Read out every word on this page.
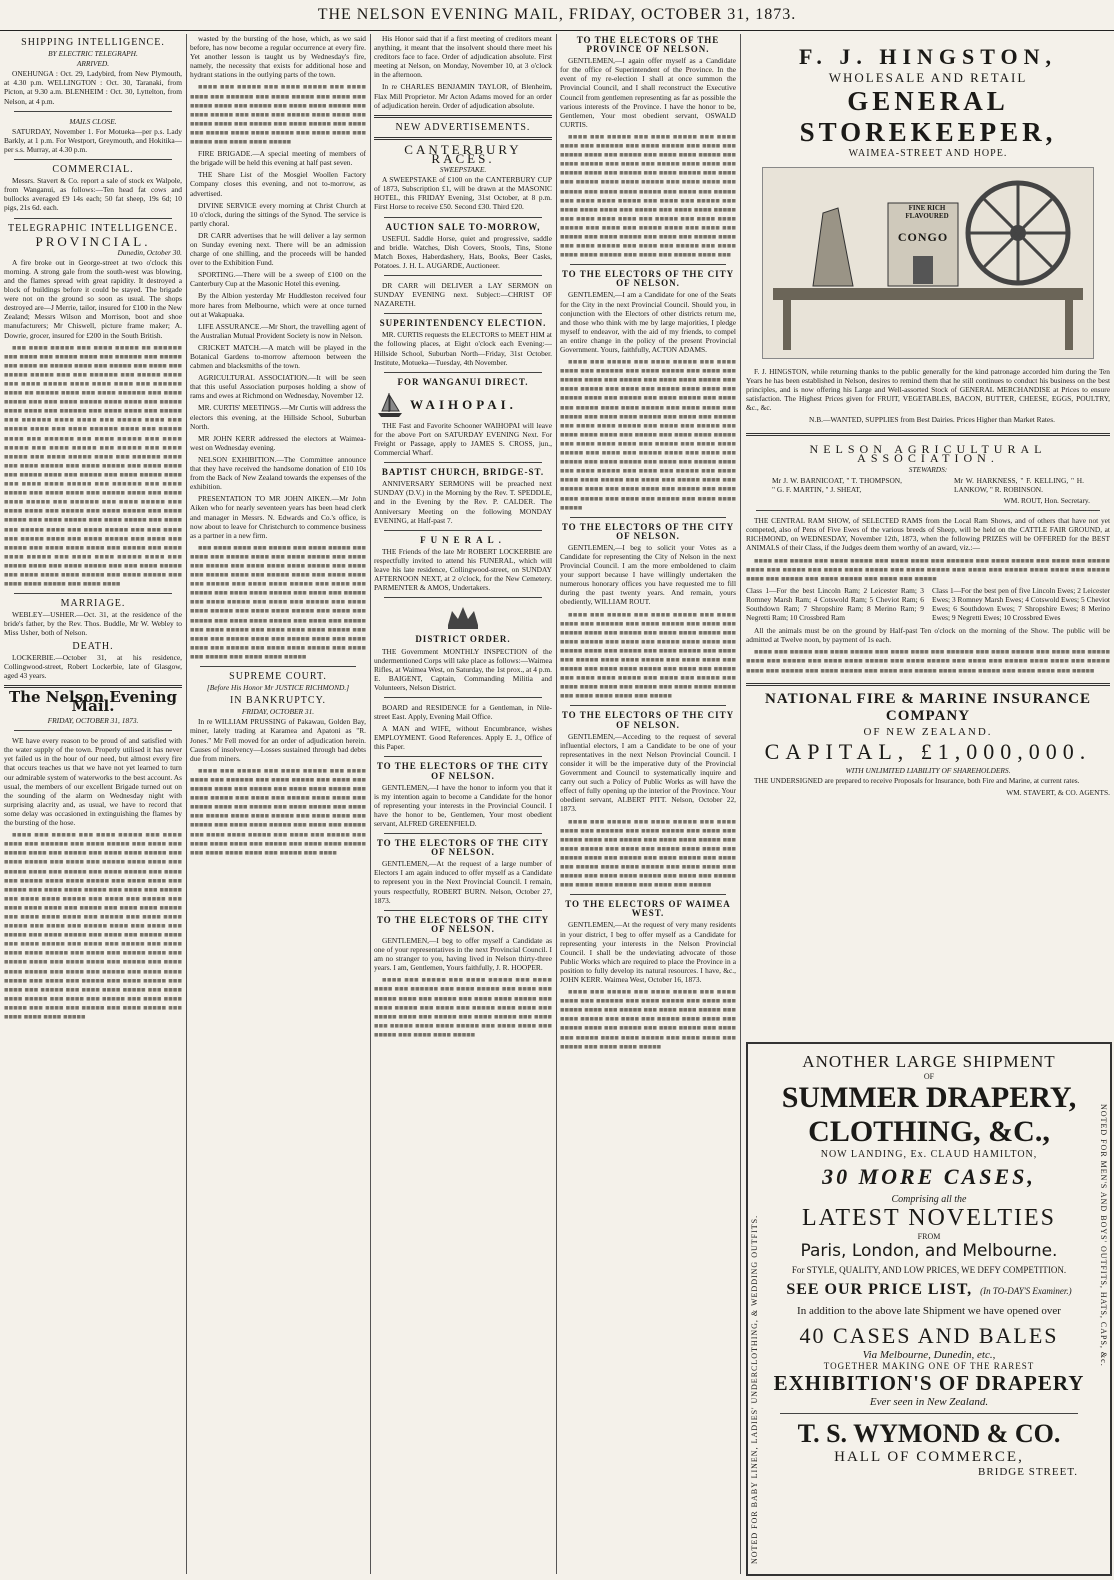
THE NELSON EVENING MAIL, FRIDAY, OCTOBER 31, 1873.
SHIPPING INTELLIGENCE.
BY ELECTRIC TELEGRAPH.
ARRIVED.

ONEHUNGA : Oct. 29, Ladybird, from New Plymouth, at 4.30 p.m. WELLINGTON : Oct. 30, Taranaki, from Picton, at 9.30 a.m. BLENHEIM : Oct. 30, Lyttelton, from Nelson, at 4 p.m.

MAILS CLOSE.

SATURDAY, November 1. For Motueka—per p.s. Lady Barkly, at 1 p.m. For Westport, Greymouth, and Hokitika—per s.s. Murray, at 4.30 p.m.

COMMERCIAL.

Messrs. Stavert & Co. report a sale of stock ex Walpole, from Wanganui, as follows:—Ten head fat cows and bullocks averaged £9 14s each; 50 fat sheep, 19s 6d; 10 pigs, 21s 6d. each.

TELEGRAPHIC INTELLIGENCE.
PROVINCIAL.
Dunedin, October 30.

A fire broke out in George-street at two o'clock this morning. A strong gale from the south-west was blowing, and the flames spread with great rapidity. It destroyed a block of buildings before it could be stayed. The brigade were not on the ground so soon as usual. The shops destroyed are—J Merrie, tailor, insured for £100 in the New Zealand; Messrs Wilson and Morrison, boot and shoe manufacturers; Mr Chiswell, picture frame maker; A. Dowrie, grocer, insured for £200 in the South British.

■■■ ■■■■ ■■■■■ ■■■ ■■■■ ■■■■■ ■■ ■■■■■■ ■■■ ■■■■ ■■■ ■■■■■ ■■■■ ■■■ ■■■■■■ ■■■ ■■■■■ ■■■ ■■■■ ■■ ■■■■■ ■■■■ ■■■ ■■■■■ ■■■ ■■■■ ■■■ ■■■■■ ■■■■■ ■■■ ■■■ ■■■■■■ ■■■ ■■■■■ ■■■■ ■■■ ■■■■ ■■■■■ ■■■■ ■■■■ ■■■■ ■■■ ■■■■■■ ■■■■ ■■ ■■■■■ ■■■■ ■■■ ■■■■ ■■■■■■ ■■■ ■■■■ ■■■■■ ■■■ ■■■ ■■■■ ■■■■■ ■■■■ ■■■■ ■■■ ■■■■■ ■■■■ ■■■■ ■■■ ■■■■■■ ■■■ ■■■■ ■■■■ ■■■ ■■■■■ ■■■ ■■■■■■ ■■■■ ■■■■ ■■■ ■■■■■ ■■■■ ■■■ ■■■■■ ■■■■ ■■■ ■■■■ ■■■■■■ ■■■■ ■■■ ■■■■■ ■■■■ ■■■ ■■■■■■ ■■■ ■■■■ ■■■■■ ■■■ ■■■■ ■■■■■ ■■■ ■■■■ ■■■■■ ■■■ ■■■■■ ■■■ ■■■■ ■■■■■ ■■■ ■■■■ ■■■■■ ■■■■ ■■■ ■■■■■■ ■■■■ ■■■ ■■■■ ■■■■■ ■■■ ■■■■ ■■■■■ ■■■ ■■■■ ■■■■ ■■■ ■■■■■ ■■■■ ■■■ ■■■■■ ■■■ ■■■■ ■■■■■ ■■■■ ■■■ ■■■■ ■■■■ ■■■■■ ■■■ ■■■■■■ ■■■ ■■■■ ■■■■■ ■■■ ■■■■ ■■■■ ■■■ ■■■■■ ■■■■ ■■■ ■■■■ ■■■■ ■■■■■ ■■■ ■■■■■■ ■■■ ■■■■ ■■■■■ ■■■ ■■■■ ■■■■ ■■■ ■■■■■ ■■■ ■■■■ ■■■■■ ■■■ ■■■■ ■■■■■ ■■■ ■■■■ ■■■■■ ■■■ ■■■■ ■■■■■ ■■■ ■■■■ ■■■ ■■■■■ ■■■■ ■■■ ■■■■ ■■■■■ ■■■ ■■■ ■■■■ ■■■ ■■■■■ ■■■■ ■■■ ■■■■ ■■■■■ ■■■ ■■■■ ■■■ ■■■■■ ■■■ ■■■■ ■■■■ ■■■■ ■■■ ■■■■■ ■■■ ■■■■ ■■■■ ■■■■■ ■■■ ■■■■ ■■■■ ■■■■■ ■■■■ ■■■ ■■■■■ ■■■■ ■■■ ■■■■ ■■■■■ ■■■ ■■■ ■■■■ ■■■■■ ■■■ ■■■■ ■■■■ ■■■■ ■■■■■ ■■■ ■■■■ ■■■■■ ■■■ ■■■■ ■■■■ ■■■■■ ■■■ ■■■■ ■■■■

MARRIAGE.

WEBLEY—USHER.—Oct. 31, at the residence of the bride's father, by the Rev. Thos. Buddle, Mr W. Webley to Miss Usher, both of Nelson.

DEATH.

LOCKERBIE.—October 31, at his residence, Collingwood-street, Robert Lockerbie, late of Glasgow, aged 43 years.

The Nelson Evening Mail.
FRIDAY, OCTOBER 31, 1873.

WE have every reason to be proud of and satisfied with the water supply of the town. Properly utilised it has never yet failed us in the hour of our need, but almost every fire that occurs teaches us that we have not yet learned to turn our admirable system of waterworks to the best account. As usual, the members of our excellent Brigade turned out on the sounding of the alarm on Wednesday night with surprising alacrity and, as usual, we have to record that some delay was occasioned in extinguishing the flames by the bursting of the hose.

■■■■ ■■■ ■■■■■ ■■■ ■■■■ ■■■■■ ■■■ ■■■■ ■■■■ ■■■ ■■■■■■ ■■■ ■■■■ ■■■■■ ■■■ ■■■■ ■■■ ■■■■■ ■■■■ ■■■ ■■■■■ ■■■ ■■■■ ■■■■ ■■■■■ ■■■ ■■■■ ■■■■■ ■■■ ■■■■ ■■■ ■■■■■ ■■■■ ■■■■ ■■■ ■■■■■ ■■■■ ■■■ ■■■■■ ■■■ ■■■■ ■■■■■ ■■■ ■■■■ ■■■ ■■■■■ ■■■■ ■■■■ ■■■■■ ■■■ ■■■■ ■■■■ ■■■ ■■■■■ ■■■ ■■■■ ■■■■ ■■■■■ ■■■ ■■■■ ■■■ ■■■■■ ■■■ ■■■■ ■■■■ ■■■■■ ■■■ ■■■■ ■■■ ■■■■■ ■■■ ■■■■ ■■■■ ■■■■ ■■■ ■■■■■ ■■■ ■■■■ ■■■■ ■■■■■ ■■■ ■■■■ ■■■■ ■■■■ ■■■ ■■■■■ ■■■ ■■■■ ■■■■ ■■■■■ ■■■ ■■■■ ■■■ ■■■■■ ■■■■ ■■■ ■■■■ ■■■ ■■■■■ ■■■ ■■■■ ■■■■■ ■■■ ■■■■ ■■■ ■■■■■ ■■■■ ■■■ ■■■■ ■■■■■ ■■■ ■■■■ ■■■ ■■■■■ ■■■ ■■■■ ■■■■ ■■■■ ■■■■■ ■■■ ■■■■ ■■■ ■■■■■ ■■■■ ■■■ ■■■■■ ■■■■ ■■■ ■■■■ ■■■■ ■■■ ■■■■■ ■■■ ■■■■ ■■■■ ■■■■■ ■■■ ■■■■ ■■■ ■■■■■ ■■■ ■■■■ ■■■■ ■■■■■ ■■■ ■■■■ ■■■ ■■■■■ ■■■ ■■■■ ■■■■■ ■■■ ■■■■ ■■■ ■■■■■ ■■■ ■■■■ ■■■■ ■■■■■ ■■■ ■■■■ ■■■■ ■■■■■ ■■■ ■■■■ ■■■ ■■■■■ ■■■ ■■■■ ■■■■ ■■■■■ ■■■ ■■■■ ■■■ ■■■■■ ■■■ ■■■■ ■■■■■ ■■■ ■■■■ ■■■■ ■■■■ ■■■■■

wasted by the bursting of the hose, which, as we said before, has now become a regular occurrence at every fire. Yet another lesson is taught us by Wednesday's fire, namely, the necessity that exists for additional hose and hydrant stations in the outlying parts of the town.

■■■■ ■■■ ■■■■■ ■■■ ■■■■ ■■■■■ ■■■ ■■■■ ■■■■ ■■■ ■■■■■■ ■■■ ■■■■ ■■■■■ ■■■ ■■■■ ■■■ ■■■■■ ■■■■ ■■■ ■■■■■ ■■■ ■■■■ ■■■■ ■■■■■ ■■■ ■■■■ ■■■■■ ■■■ ■■■■ ■■■ ■■■■■ ■■■■ ■■■■ ■■■ ■■■■■ ■■■■ ■■■ ■■■■■ ■■■ ■■■■ ■■■■■ ■■■ ■■■■ ■■■ ■■■■■ ■■■■ ■■■■ ■■■■■ ■■■ ■■■■ ■■■■ ■■■ ■■■■■ ■■■ ■■■■ ■■■■ ■■■■■

FIRE BRIGADE.—A special meeting of members of the brigade will be held this evening at half past seven.

THE Share List of the Mosgiel Woollen Factory Company closes this evening, and not to-morrow, as advertised.

DIVINE SERVICE every morning at Christ Church at 10 o'clock, during the sittings of the Synod. The service is partly choral.

DR CARR advertises that he will deliver a lay sermon on Sunday evening next. There will be an admission charge of one shilling, and the proceeds will be handed over to the Exhibition Fund.

SPORTING.—There will be a sweep of £100 on the Canterbury Cup at the Masonic Hotel this evening.

By the Albion yesterday Mr Huddleston received four more hares from Melbourne, which were at once turned out at Wakapuaka.

LIFE ASSURANCE.—Mr Short, the travelling agent of the Australian Mutual Provident Society is now in Nelson.

CRICKET MATCH.—A match will be played in the Botanical Gardens to-morrow afternoon between the cabmen and blacksmiths of the town.

AGRICULTURAL ASSOCIATION.—It will be seen that this useful Association purposes holding a show of rams and ewes at Richmond on Wednesday, November 12.

MR. CURTIS' MEETINGS.—Mr Curtis will address the electors this evening, at the Hillside School, Suburban North.

MR JOHN KERR addressed the electors at Waimea-west on Wednesday evening.

NELSON EXHIBITION.—The Committee announce that they have received the handsome donation of £10 10s from the Back of New Zealand towards the expenses of the exhibition.

PRESENTATION TO MR JOHN AIKEN.—Mr John Aiken who for nearly seventeen years has been head clerk and manager in Messrs. N. Edwards and Co.'s office, is now about to leave for Christchurch to commence business as a partner in a new firm.

■■■ ■■■■ ■■■■ ■■■ ■■■■■ ■■■ ■■■■ ■■■■■ ■■■ ■■■■ ■■■ ■■■■■ ■■■■ ■■■ ■■■■ ■■■■■ ■■■ ■■■■ ■■■ ■■■■■ ■■■ ■■■■ ■■■■ ■■■■ ■■■■■ ■■■ ■■■■ ■■■ ■■■■■ ■■■■ ■■■ ■■■■■ ■■■■ ■■■ ■■■■ ■■■■ ■■■ ■■■■■ ■■■ ■■■■ ■■■■ ■■■■■ ■■■ ■■■■ ■■■ ■■■■■ ■■■ ■■■■ ■■■■ ■■■■■ ■■■ ■■■■ ■■■ ■■■■■ ■■■ ■■■■ ■■■■■ ■■■ ■■■■ ■■■ ■■■■■ ■■■ ■■■■ ■■■■ ■■■■■ ■■■ ■■■■ ■■■■ ■■■■■ ■■■ ■■■■ ■■■ ■■■■■ ■■■ ■■■■ ■■■■ ■■■■■ ■■■ ■■■■ ■■■ ■■■■■ ■■■ ■■■■ ■■■■■ ■■■ ■■■■ ■■■■ ■■■■ ■■■■■ ■■■ ■■■■ ■■■ ■■■■■ ■■■■ ■■■ ■■■■■ ■■■■ ■■■ ■■■■ ■■■■ ■■■ ■■■■■ ■■■ ■■■■ ■■■■ ■■■■■ ■■■ ■■■■ ■■■ ■■■■■ ■■■ ■■■■ ■■■■ ■■■■■

SUPREME COURT.
[Before His Honor Mr JUSTICE RICHMOND.]
IN BANKRUPTCY.
FRIDAY, OCTOBER 31.

In re WILLIAM PRUSSING of Pakawau, Golden Bay, miner, lately trading at Karamea and Apatoni as "R. Jones." Mr Fell moved for an order of adjudication herein. Causes of insolvency—Losses sustained through bad debts due from miners.

■■■■ ■■■ ■■■■■ ■■■ ■■■■ ■■■■■ ■■■ ■■■■ ■■■■ ■■■ ■■■■■■ ■■■ ■■■■ ■■■■■ ■■■ ■■■■ ■■■ ■■■■■ ■■■■ ■■■ ■■■■■ ■■■ ■■■■ ■■■■ ■■■■■ ■■■ ■■■■ ■■■■■ ■■■ ■■■■ ■■■ ■■■■■ ■■■■ ■■■■ ■■■ ■■■■■ ■■■■ ■■■ ■■■■■ ■■■ ■■■■ ■■■■■ ■■■ ■■■■ ■■■ ■■■■■ ■■■■ ■■■■ ■■■■■ ■■■ ■■■■ ■■■■ ■■■ ■■■■■ ■■■ ■■■■ ■■■■ ■■■■■ ■■■ ■■■■ ■■■ ■■■■■ ■■■ ■■■■ ■■■■ ■■■■■ ■■■ ■■■■ ■■■ ■■■■■ ■■■ ■■■■ ■■■■ ■■■■ ■■■ ■■■■■ ■■■ ■■■■ ■■■■ ■■■■■ ■■■ ■■■■ ■■■■ ■■■■ ■■■ ■■■■■ ■■■ ■■■■

His Honor said that if a first meeting of creditors meant anything, it meant that the insolvent should there meet his creditors face to face. Order of adjudication absolute. First meeting at Nelson, on Monday, November 10, at 3 o'clock in the afternoon.

In re CHARLES BENJAMIN TAYLOR, of Blenheim, Flax Mill Proprietor. Mr Acton Adams moved for an order of adjudication herein. Order of adjudication absolute.

NEW ADVERTISEMENTS.
CANTERBURY RACES.
SWEEPSTAKE.

A SWEEPSTAKE of £100 on the CANTERBURY CUP of 1873, Subscription £1, will be drawn at the MASONIC HOTEL, this FRIDAY Evening, 31st October, at 8 p.m. First Horse to receive £50. Second £30. Third £20.

AUCTION SALE TO-MORROW,

USEFUL Saddle Horse, quiet and progressive, saddle and bridle. Watches, Dish Covers, Stools, Tins, Stone Match Boxes, Haberdashery, Hats, Books, Beer Casks, Potatoes. J. H. L. AUGARDE, Auctioneer.

DR CARR will DELIVER a LAY SERMON on SUNDAY EVENING next. Subject:—CHRIST OF NAZARETH.

SUPERINTENDENCY ELECTION.

MR. CURTIS requests the ELECTORS to MEET HIM at the following places, at Eight o'clock each Evening:—Hillside School, Suburban North—Friday, 31st October. Institute, Motueka—Tuesday, 4th November.

FOR WANGANUI DIRECT.
WAIHOPAI.

THE Fast and Favorite Schooner WAIHOPAI will leave for the above Port on SATURDAY EVENING Next. For Freight or Passage, apply to JAMES S. CROSS, jun., Commercial Wharf.

BAPTIST CHURCH, BRIDGE-ST.

ANNIVERSARY SERMONS will be preached next SUNDAY (D.V.) in the Morning by the Rev. T. SPEDDLE, and in the Evening by the Rev. P. CALDER. The Anniversary Meeting on the following MONDAY EVENING, at Half-past 7.

FUNERAL.

THE Friends of the late Mr ROBERT LOCKERBIE are respectfully invited to attend his FUNERAL, which will leave his late residence, Collingwood-street, on SUNDAY AFTERNOON NEXT, at 2 o'clock, for the New Cemetery. PARMENTER & AMOS, Undertakers.

DISTRICT ORDER.

THE Government MONTHLY INSPECTION of the undermentioned Corps will take place as follows:—Waimea Rifles, at Waimea West, on Saturday, the 1st prox., at 4 p.m. E. BAIGENT, Captain, Commanding Militia and Volunteers, Nelson District.

BOARD and RESIDENCE for a Gentleman, in Nile-street East. Apply, Evening Mail Office.

A MAN and WIFE, without Encumbrance, wishes EMPLOYMENT. Good References. Apply E. J., Office of this Paper.

TO THE ELECTORS OF THE CITY OF NELSON.

GENTLEMEN,—I have the honor to inform you that it is my intention again to become a Candidate for the honor of representing your interests in the Provincial Council. I have the honor to be, Gentlemen, Your most obedient servant, ALFRED GREENFIELD.

TO THE ELECTORS OF THE CITY OF NELSON.

GENTLEMEN,—At the request of a large number of Electors I am again induced to offer myself as a Candidate to represent you in the Next Provincial Council. I remain, yours respectfully, ROBERT BURN. Nelson, October 27, 1873.

TO THE ELECTORS OF THE CITY OF NELSON.

GENTLEMEN,—I beg to offer myself a Candidate as one of your representatives in the next Provincial Council. I am no stranger to you, having lived in Nelson thirty-three years. I am, Gentlemen, Yours faithfully, J. R. HOOPER.

■■■■ ■■■ ■■■■■ ■■■ ■■■■ ■■■■■ ■■■ ■■■■ ■■■■ ■■■ ■■■■■■ ■■■ ■■■■ ■■■■■ ■■■ ■■■■ ■■■ ■■■■■ ■■■■ ■■■ ■■■■■ ■■■ ■■■■ ■■■■ ■■■■■ ■■■ ■■■■ ■■■■■ ■■■ ■■■■ ■■■ ■■■■■ ■■■■ ■■■■ ■■■ ■■■■■ ■■■■ ■■■ ■■■■■ ■■■ ■■■■ ■■■■■ ■■■ ■■■■ ■■■ ■■■■■ ■■■■ ■■■■ ■■■■■ ■■■ ■■■■ ■■■■ ■■■ ■■■■■ ■■■ ■■■■ ■■■■ ■■■■■

TO THE ELECTORS OF THE PROVINCE OF NELSON.

GENTLEMEN,—I again offer myself as a Candidate for the office of Superintendent of the Province. In the event of my re-election I shall at once summon the Provincial Council, and I shall reconstruct the Executive Council from gentlemen representing as far as possible the various interests of the Province. I have the honor to be, Gentlemen, Your most obedient servant, OSWALD CURTIS.

■■■■ ■■■ ■■■■■ ■■■ ■■■■ ■■■■■ ■■■ ■■■■ ■■■■ ■■■ ■■■■■■ ■■■ ■■■■ ■■■■■ ■■■ ■■■■ ■■■ ■■■■■ ■■■■ ■■■ ■■■■■ ■■■ ■■■■ ■■■■ ■■■■■ ■■■ ■■■■ ■■■■■ ■■■ ■■■■ ■■■ ■■■■■ ■■■■ ■■■■ ■■■ ■■■■■ ■■■■ ■■■ ■■■■■ ■■■ ■■■■ ■■■■■ ■■■ ■■■■ ■■■ ■■■■■ ■■■■ ■■■■ ■■■■■ ■■■ ■■■■ ■■■■ ■■■ ■■■■■ ■■■ ■■■■ ■■■■ ■■■■■ ■■■ ■■■■ ■■■ ■■■■■ ■■■ ■■■■ ■■■■ ■■■■■ ■■■ ■■■■ ■■■ ■■■■■ ■■■ ■■■■ ■■■■ ■■■■ ■■■ ■■■■■ ■■■ ■■■■ ■■■■ ■■■■■ ■■■ ■■■■ ■■■■ ■■■■ ■■■ ■■■■■ ■■■ ■■■■ ■■■■ ■■■■■ ■■■ ■■■■ ■■■ ■■■■■ ■■■■ ■■■ ■■■■ ■■■ ■■■■■ ■■■ ■■■■ ■■■■■ ■■■ ■■■■ ■■■ ■■■■■ ■■■■ ■■■ ■■■■ ■■■■■ ■■■ ■■■■ ■■■ ■■■■■ ■■■ ■■■■ ■■■■ ■■■■ ■■■■■ ■■■ ■■■■ ■■■ ■■■■■ ■■■■ ■■■

TO THE ELECTORS OF THE CITY OF NELSON.

GENTLEMEN,—I am a Candidate for one of the Seats for the City in the next Provincial Council. Should you, in conjunction with the Electors of other districts return me, and those who think with me by large majorities, I pledge myself to endeavor, with the aid of my friends, to compel an entire change in the policy of the present Provincial Government. Yours, faithfully, ACTON ADAMS.

■■■■ ■■■ ■■■■■ ■■■ ■■■■ ■■■■■ ■■■ ■■■■ ■■■■ ■■■ ■■■■■■ ■■■ ■■■■ ■■■■■ ■■■ ■■■■ ■■■ ■■■■■ ■■■■ ■■■ ■■■■■ ■■■ ■■■■ ■■■■ ■■■■■ ■■■ ■■■■ ■■■■■ ■■■ ■■■■ ■■■ ■■■■■ ■■■■ ■■■■ ■■■ ■■■■■ ■■■■ ■■■ ■■■■■ ■■■ ■■■■ ■■■■■ ■■■ ■■■■ ■■■ ■■■■■ ■■■■ ■■■■ ■■■■■ ■■■ ■■■■ ■■■■ ■■■ ■■■■■ ■■■ ■■■■ ■■■■ ■■■■■ ■■■ ■■■■ ■■■ ■■■■■ ■■■ ■■■■ ■■■■ ■■■■■ ■■■ ■■■■ ■■■ ■■■■■ ■■■ ■■■■ ■■■■ ■■■■ ■■■ ■■■■■ ■■■ ■■■■ ■■■■ ■■■■■ ■■■ ■■■■ ■■■■ ■■■■ ■■■ ■■■■■ ■■■ ■■■■ ■■■■ ■■■■■ ■■■ ■■■■ ■■■ ■■■■■ ■■■■ ■■■ ■■■■ ■■■ ■■■■■ ■■■ ■■■■ ■■■■■ ■■■ ■■■■ ■■■ ■■■■■ ■■■■ ■■■ ■■■■ ■■■■■ ■■■ ■■■■ ■■■ ■■■■■ ■■■ ■■■■ ■■■■ ■■■■ ■■■■■ ■■■ ■■■■ ■■■ ■■■■■ ■■■■ ■■■ ■■■■■ ■■■■ ■■■ ■■■■ ■■■■ ■■■ ■■■■■ ■■■ ■■■■ ■■■■ ■■■■■ ■■■ ■■■■ ■■■ ■■■■■ ■■■ ■■■■ ■■■■ ■■■■■

TO THE ELECTORS OF THE CITY OF NELSON.

GENTLEMEN,—I beg to solicit your Votes as a Candidate for representing the City of Nelson in the next Provincial Council. I am the more emboldened to claim your support because I have willingly undertaken the numerous honorary offices you have requested me to fill during the past twenty years. And remain, yours obediently, WILLIAM ROUT.

■■■■ ■■■ ■■■■■ ■■■ ■■■■ ■■■■■ ■■■ ■■■■ ■■■■ ■■■ ■■■■■■ ■■■ ■■■■ ■■■■■ ■■■ ■■■■ ■■■ ■■■■■ ■■■■ ■■■ ■■■■■ ■■■ ■■■■ ■■■■ ■■■■■ ■■■ ■■■■ ■■■■■ ■■■ ■■■■ ■■■ ■■■■■ ■■■■ ■■■■ ■■■ ■■■■■ ■■■■ ■■■ ■■■■■ ■■■ ■■■■ ■■■■■ ■■■ ■■■■ ■■■ ■■■■■ ■■■■ ■■■■ ■■■■■ ■■■ ■■■■ ■■■■ ■■■ ■■■■■ ■■■ ■■■■ ■■■■ ■■■■■ ■■■ ■■■■ ■■■ ■■■■■ ■■■ ■■■■ ■■■■ ■■■■■ ■■■ ■■■■ ■■■ ■■■■■ ■■■ ■■■■ ■■■■ ■■■■ ■■■ ■■■■■ ■■■ ■■■■ ■■■■ ■■■■■ ■■■ ■■■■ ■■■■ ■■■■ ■■■ ■■■■■

TO THE ELECTORS OF THE CITY OF NELSON.

GENTLEMEN,—Acceding to the request of several influential electors, I am a Candidate to be one of your representatives in the next Nelson Provincial Council. I consider it will be the imperative duty of the Provincial Government and Council to systematically inquire and carry out such a Policy of Public Works as will have the effect of fully opening up the interior of the Province. Your obedient servant, ALBERT PITT. Nelson, October 22, 1873.

■■■■ ■■■ ■■■■■ ■■■ ■■■■ ■■■■■ ■■■ ■■■■ ■■■■ ■■■ ■■■■■■ ■■■ ■■■■ ■■■■■ ■■■ ■■■■ ■■■ ■■■■■ ■■■■ ■■■ ■■■■■ ■■■ ■■■■ ■■■■ ■■■■■ ■■■ ■■■■ ■■■■■ ■■■ ■■■■ ■■■ ■■■■■ ■■■■ ■■■■ ■■■ ■■■■■ ■■■■ ■■■ ■■■■■ ■■■ ■■■■ ■■■■■ ■■■ ■■■■ ■■■ ■■■■■ ■■■■ ■■■■ ■■■■■ ■■■ ■■■■ ■■■■ ■■■ ■■■■■ ■■■ ■■■■ ■■■■ ■■■■■ ■■■ ■■■■ ■■■ ■■■■■ ■■■ ■■■■ ■■■■ ■■■■■ ■■■ ■■■■ ■■■ ■■■■■

TO THE ELECTORS OF WAIMEA WEST.

GENTLEMEN,—At the request of very many residents in your district, I beg to offer myself as a Candidate for representing your interests in the Nelson Provincial Council. I shall be the undeviating advocate of those Public Works which are required to place the Province in a position to fully develop its natural resources. I have, &c., JOHN KERR. Waimea West, October 16, 1873.

■■■■ ■■■ ■■■■■ ■■■ ■■■■ ■■■■■ ■■■ ■■■■ ■■■■ ■■■ ■■■■■■ ■■■ ■■■■ ■■■■■ ■■■ ■■■■ ■■■ ■■■■■ ■■■■ ■■■ ■■■■■ ■■■ ■■■■ ■■■■ ■■■■■ ■■■ ■■■■ ■■■■■ ■■■ ■■■■ ■■■ ■■■■■ ■■■■ ■■■■ ■■■ ■■■■■ ■■■■ ■■■ ■■■■■ ■■■ ■■■■ ■■■■■ ■■■ ■■■■ ■■■ ■■■■■ ■■■■ ■■■■ ■■■■■ ■■■ ■■■■ ■■■■ ■■■ ■■■■■ ■■■ ■■■■ ■■■■ ■■■■■

F. J. HINGSTON,
WHOLESALE AND RETAIL
GENERAL STOREKEEPER,
WAIMEA-STREET AND HOPE.
FINE RICH FLAVOURED
CONGO

F. J. HINGSTON, while returning thanks to the public generally for the kind patronage accorded him during the Ten Years he has been established in Nelson, desires to remind them that he still continues to conduct his business on the best principles, and is now offering his Large and Well-assorted Stock of GENERAL MERCHANDISE at Prices to ensure satisfaction. The Highest Prices given for FRUIT, VEGETABLES, BACON, BUTTER, CHEESE, EGGS, POULTRY, &c., &c.

N.B.—WANTED, SUPPLIES from Best Dairies. Prices Higher than Market Rates.

NELSON AGRICULTURAL ASSOCIATION.
STEWARDS:
Mr J. W. BARNICOAT, " T. THOMPSON, " G. F. MARTIN, " J. SHEAT,
Mr W. HARKNESS, " F. KELLING, " H. LANKOW, " R. ROBINSON.
WM. ROUT, Hon. Secretary.

THE CENTRAL RAM SHOW, of SELECTED RAMS from the Local Ram Shows, and of others that have not yet competed, also of Pens of Five Ewes of the various breeds of Sheep, will be held on the CATTLE FAIR GROUND, at RICHMOND, on WEDNESDAY, November 12th, 1873, when the following PRIZES will be OFFERED for the BEST ANIMALS of their Class, if the Judges deem them worthy of an award, viz.:—

■■■■ ■■■ ■■■■■ ■■■ ■■■■ ■■■■■ ■■■ ■■■■ ■■■■ ■■■ ■■■■■■ ■■■ ■■■■ ■■■■■ ■■■ ■■■■ ■■■ ■■■■■ ■■■■ ■■■ ■■■■■ ■■■ ■■■■ ■■■■ ■■■■■ ■■■ ■■■■ ■■■■■ ■■■ ■■■■ ■■■ ■■■■■ ■■■■ ■■■■ ■■■ ■■■■■ ■■■■ ■■■ ■■■■■ ■■■ ■■■■ ■■■■■ ■■■ ■■■■ ■■■ ■■■■■

Class 1—For the best Lincoln Ram; 2 Leicester Ram; 3 Romney Marsh Ram; 4 Cotswold Ram; 5 Cheviot Ram; 6 Southdown Ram; 7 Shropshire Ram; 8 Merino Ram; 9 Negretti Ram; 10 Crossbred Ram
Class 1—For the best pen of five Lincoln Ewes; 2 Leicester Ewes; 3 Romney Marsh Ewes; 4 Cotswold Ewes; 5 Cheviot Ewes; 6 Southdown Ewes; 7 Shropshire Ewes; 8 Merino Ewes; 9 Negretti Ewes; 10 Crossbred Ewes

All the animals must be on the ground by Half-past Ten o'clock on the morning of the Show. The public will be admitted at Twelve noon, by payment of 1s each.

■■■■ ■■■ ■■■■■ ■■■ ■■■■ ■■■■■ ■■■ ■■■■ ■■■■ ■■■ ■■■■■■ ■■■ ■■■■ ■■■■■ ■■■ ■■■■ ■■■ ■■■■■ ■■■■ ■■■ ■■■■■ ■■■ ■■■■ ■■■■ ■■■■■ ■■■ ■■■■ ■■■■■ ■■■ ■■■■ ■■■ ■■■■■ ■■■■ ■■■■ ■■■ ■■■■■ ■■■■ ■■■ ■■■■■ ■■■ ■■■■ ■■■■■ ■■■ ■■■■ ■■■ ■■■■■ ■■■■ ■■■■ ■■■■■ ■■■ ■■■■ ■■■■ ■■■ ■■■■■

NATIONAL FIRE & MARINE INSURANCE COMPANY
OF NEW ZEALAND.
CAPITAL, £1,000,000.
WITH UNLIMITED LIABILITY OF SHAREHOLDERS.

THE UNDERSIGNED are prepared to receive Proposals for Insurance, both Fire and Marine, at current rates.

WM. STAVERT, & CO. AGENTS.

NOTED FOR BABY LINEN, LADIES' UNDERCLOTHING, & WEDDING OUTFITS.	NOTED FOR MEN'S AND BOYS' OUTFITS, HATS, CAPS, &c.
ANOTHER LARGE SHIPMENT
OF
SUMMER DRAPERY,
CLOTHING, &C.,
NOW LANDING, Ex. CLAUD HAMILTON,
30 MORE CASES,
Comprising all the
LATEST NOVELTIES
FROM
Paris, London, and Melbourne.
For STYLE, QUALITY, AND LOW PRICES, WE DEFY COMPETITION.
SEE OUR PRICE LIST, (In TO-DAY'S Examiner.)
In addition to the above late Shipment we have opened over
40 CASES AND BALES
Via Melbourne, Dunedin, etc.,
TOGETHER MAKING ONE OF THE RAREST
EXHIBITION'S OF DRAPERY
Ever seen in New Zealand.
T. S. WYMOND & CO.
HALL OF COMMERCE,
BRIDGE STREET.
